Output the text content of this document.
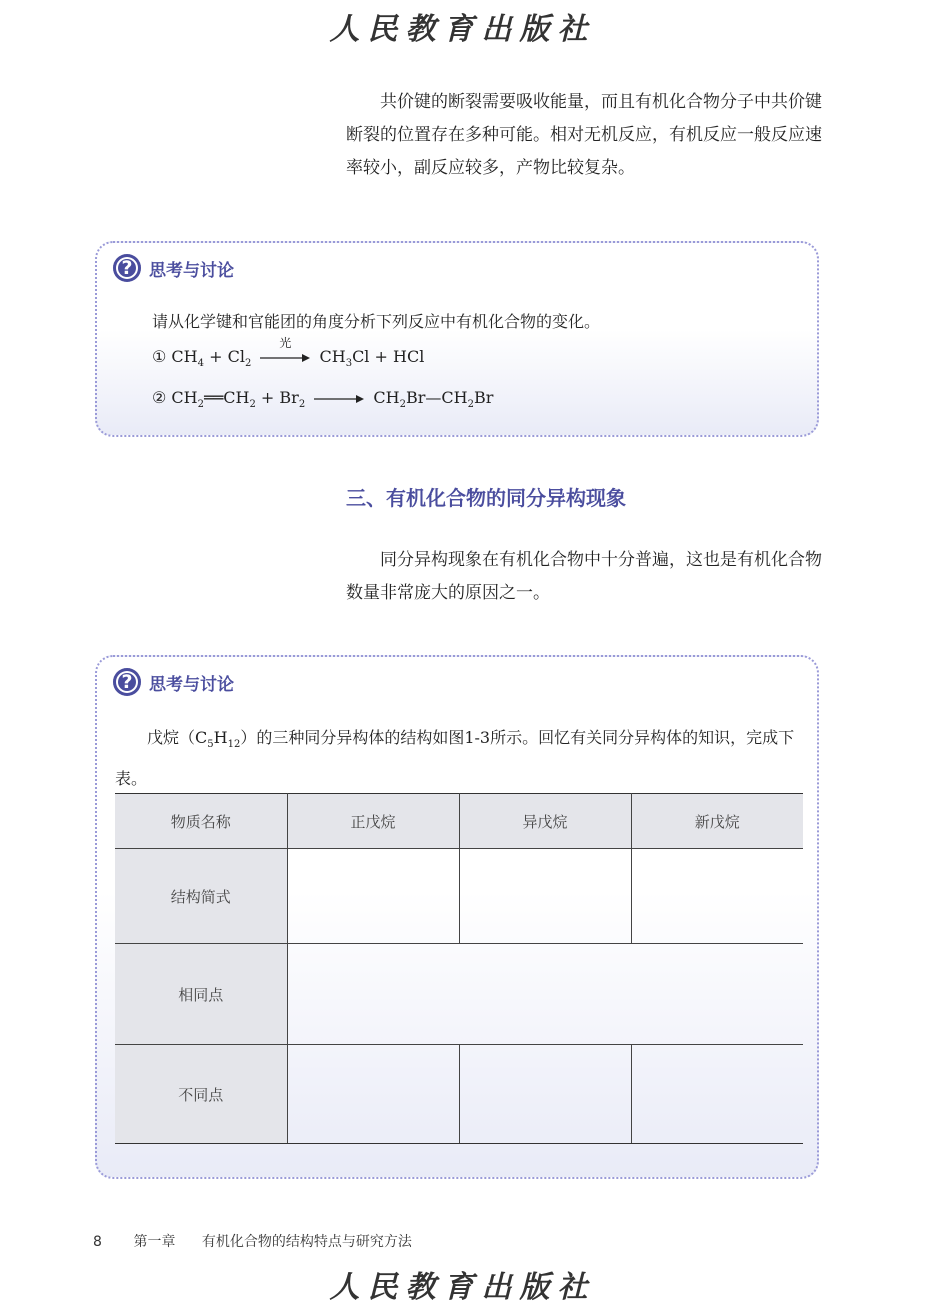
人民教育出版社

共价键的断裂需要吸收能量，而且有机化合物分子中共价键断裂的位置存在多种可能。相对无机反应，有机反应一般反应速率较小，副反应较多，产物比较复杂。

? 思考与讨论

请从化学键和官能团的角度分析下列反应中有机化合物的变化。

① $CH_4 + Cl_2$
光
$CH_3Cl$ + HCl
② $CH_2══CH_2 + Br_2$ → $CH_2Br—CH_2Br$
三、有机化合物的同分异构现象

同分异构现象在有机化合物中十分普遍，这也是有机化合物数量非常庞大的原因之一。

? 思考与讨论

戊烷$(C_5H_{12})$的三种同分异构体的结构如图1-3所示。回忆有关同分异构体的知识，完成下表。

物质名称	正戊烷	异戊烷	新戊烷
结构简式			
相同点			
不同点			
8 第一章 有机化合物的结构特点与研究方法
人民教育出版社
